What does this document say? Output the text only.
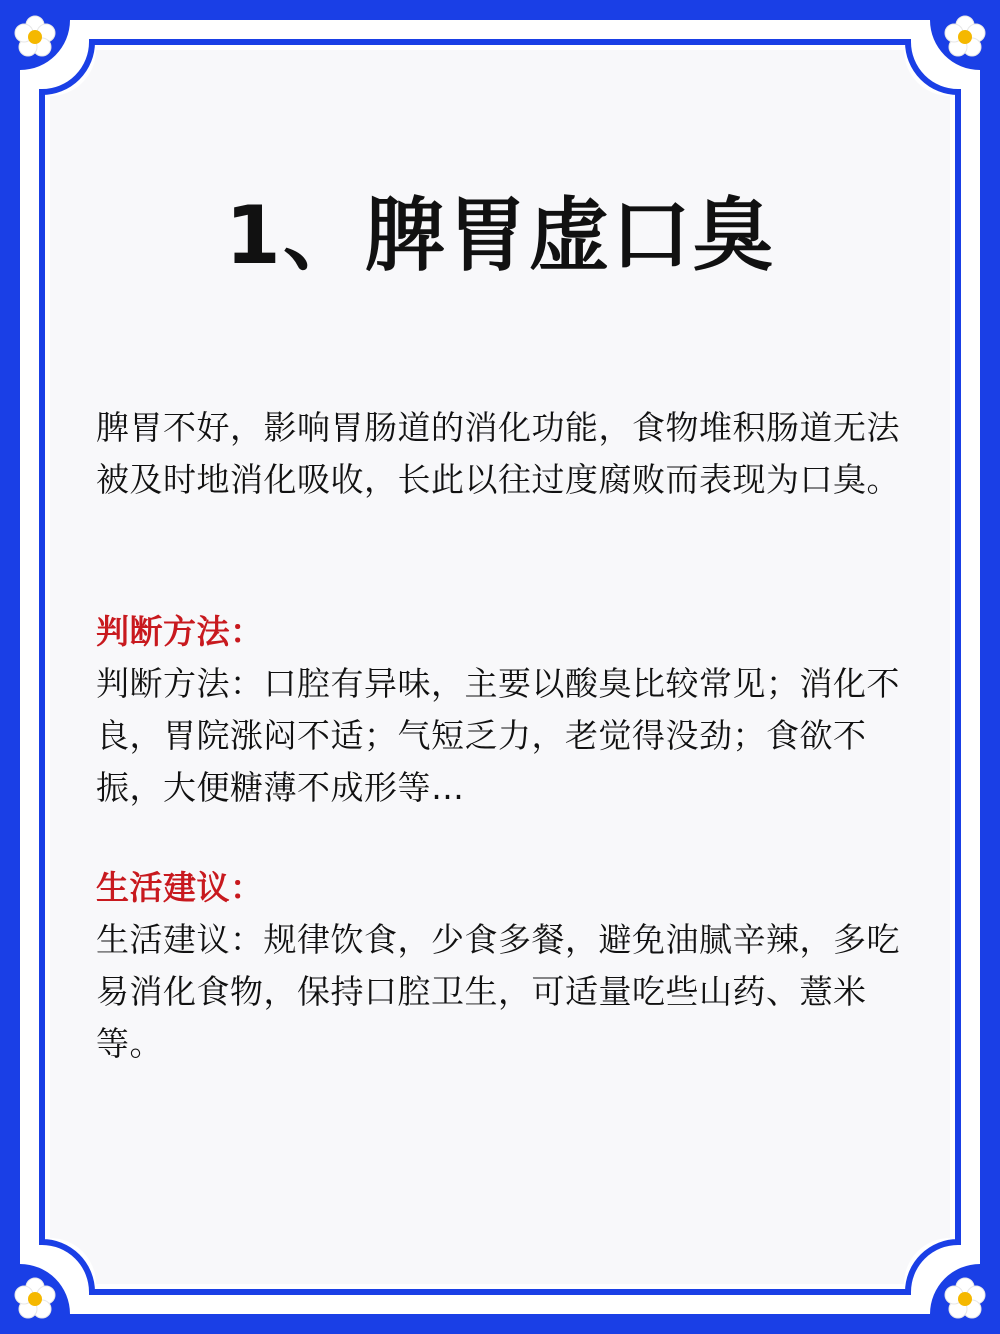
1、脾胃虚口臭

脾胃不好，影响胃肠道的消化功能，食物堆积肠道无法被及时地消化吸收，长此以往过度腐败而表现为口臭。

判断方法：

判断方法：口腔有异味，主要以酸臭比较常见；消化不良，胃院涨闷不适；气短乏力，老觉得没劲；食欲不振，大便糖薄不成形等…

生活建议：

生活建议：规律饮食，少食多餐，避免油腻辛辣，多吃易消化食物，保持口腔卫生，可适量吃些山药、薏米等。
